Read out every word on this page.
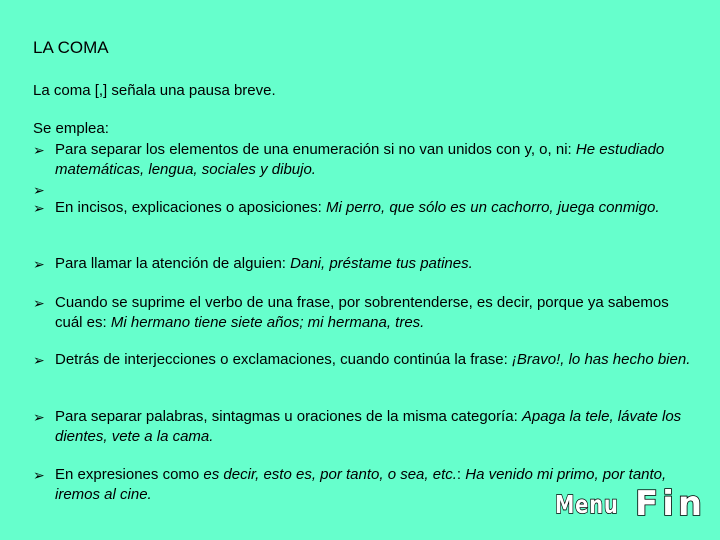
LA COMA
La coma [,] señala una pausa breve.
Se emplea:
➢ Para separar los elementos de una enumeración si no van unidos con y, o, ni: He estudiado matemáticas, lengua, sociales y dibujo.
➢
➢ En incisos, explicaciones o aposiciones: Mi perro, que sólo es un cachorro, juega conmigo.
➢ Para llamar la atención de alguien: Dani, préstame tus patines.
➢ Cuando se suprime el verbo de una frase, por sobrentenderse, es decir, porque ya sabemos cuál es: Mi hermano tiene siete años; mi hermana, tres.
➢ Detrás de interjecciones o exclamaciones, cuando continúa la frase: ¡Bravo!, lo has hecho bien.
➢ Para separar palabras, sintagmas u oraciones de la misma categoría: Apaga la tele, lávate los dientes, vete a la cama.
➢ En expresiones como es decir, esto es, por tanto, o sea, etc.: Ha venido mi primo, por tanto, iremos al cine.	Menu Fin
